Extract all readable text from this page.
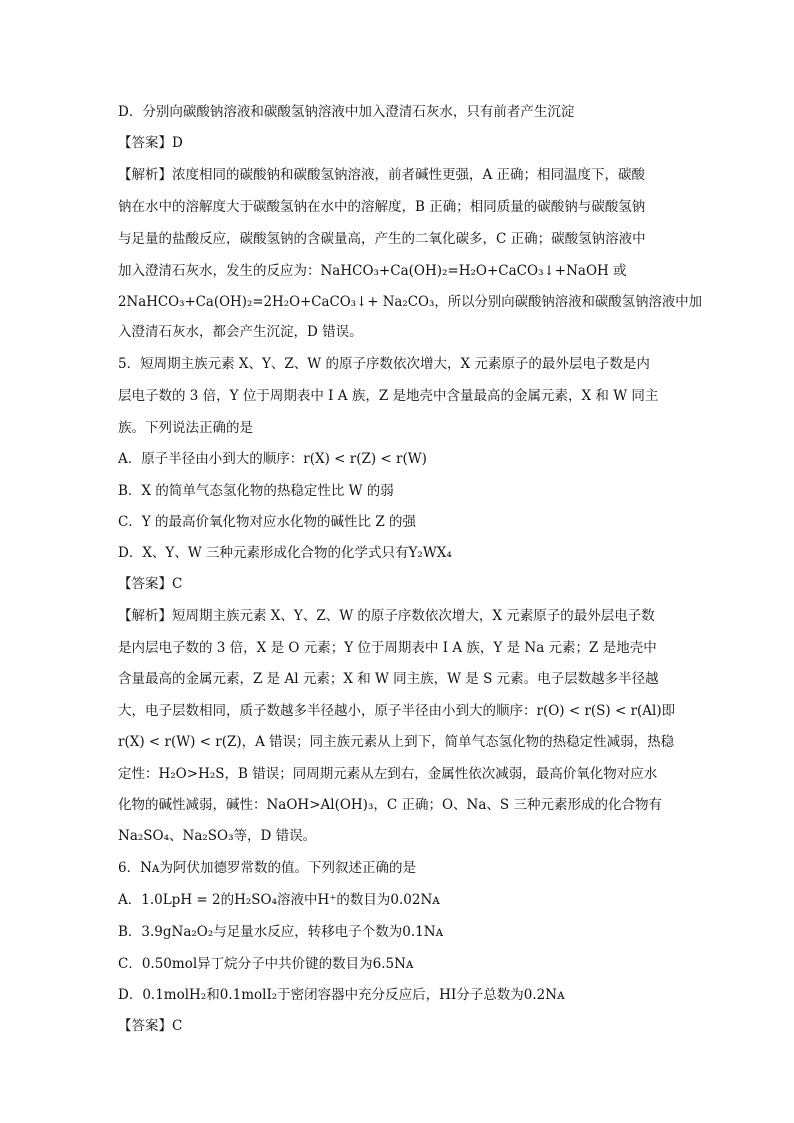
D．分别向碳酸钠溶液和碳酸氢钠溶液中加入澄清石灰水，只有前者产生沉淀
【答案】D
【解析】浓度相同的碳酸钠和碳酸氢钠溶液，前者碱性更强，A 正确；相同温度下，碳酸
钠在水中的溶解度大于碳酸氢钠在水中的溶解度，B 正确；相同质量的碳酸钠与碳酸氢钠
与足量的盐酸反应，碳酸氢钠的含碳量高，产生的二氧化碳多，C 正确；碳酸氢钠溶液中
加入澄清石灰水，发生的反应为：NaHCO₃+Ca(OH)₂=H₂O+CaCO₃↓+NaOH 或
2NaHCO₃+Ca(OH)₂=2H₂O+CaCO₃↓+ Na₂CO₃，所以分别向碳酸钠溶液和碳酸氢钠溶液中加
入澄清石灰水，都会产生沉淀，D 错误。
5．短周期主族元素 X、Y、Z、W 的原子序数依次增大，X 元素原子的最外层电子数是内
层电子数的 3 倍，Y 位于周期表中 I A 族，Z 是地壳中含量最高的金属元素，X 和 W 同主
族。下列说法正确的是
A．原子半径由小到大的顺序：r(X) < r(Z) < r(W)
B．X 的简单气态氢化物的热稳定性比 W 的弱
C．Y 的最高价氧化物对应水化物的碱性比 Z 的强
D．X、Y、W 三种元素形成化合物的化学式只有Y₂WX₄
【答案】C
【解析】短周期主族元素 X、Y、Z、W 的原子序数依次增大，X 元素原子的最外层电子数
是内层电子数的 3 倍，X 是 O 元素；Y 位于周期表中 I A 族，Y 是 Na 元素；Z 是地壳中
含量最高的金属元素，Z 是 Al 元素；X 和 W 同主族，W 是 S 元素。电子层数越多半径越
大，电子层数相同，质子数越多半径越小，原子半径由小到大的顺序：r(O) < r(S) < r(Al)即
r(X) < r(W) < r(Z)，A 错误；同主族元素从上到下，简单气态氢化物的热稳定性减弱，热稳
定性：H₂O>H₂S，B 错误；同周期元素从左到右，金属性依次减弱，最高价氧化物对应水
化物的碱性减弱，碱性：NaOH>Al(OH)₃，C 正确；O、Na、S 三种元素形成的化合物有
Na₂SO₄、Na₂SO₃等，D 错误。
6．Nᴀ为阿伏加德罗常数的值。下列叙述正确的是
A．1.0LpH = 2的H₂SO₄溶液中H⁺的数目为0.02Nᴀ
B．3.9gNa₂O₂与足量水反应，转移电子个数为0.1Nᴀ
C．0.50mol异丁烷分子中共价键的数目为6.5Nᴀ
D．0.1molH₂和0.1molI₂于密闭容器中充分反应后，HI分子总数为0.2Nᴀ
【答案】C
